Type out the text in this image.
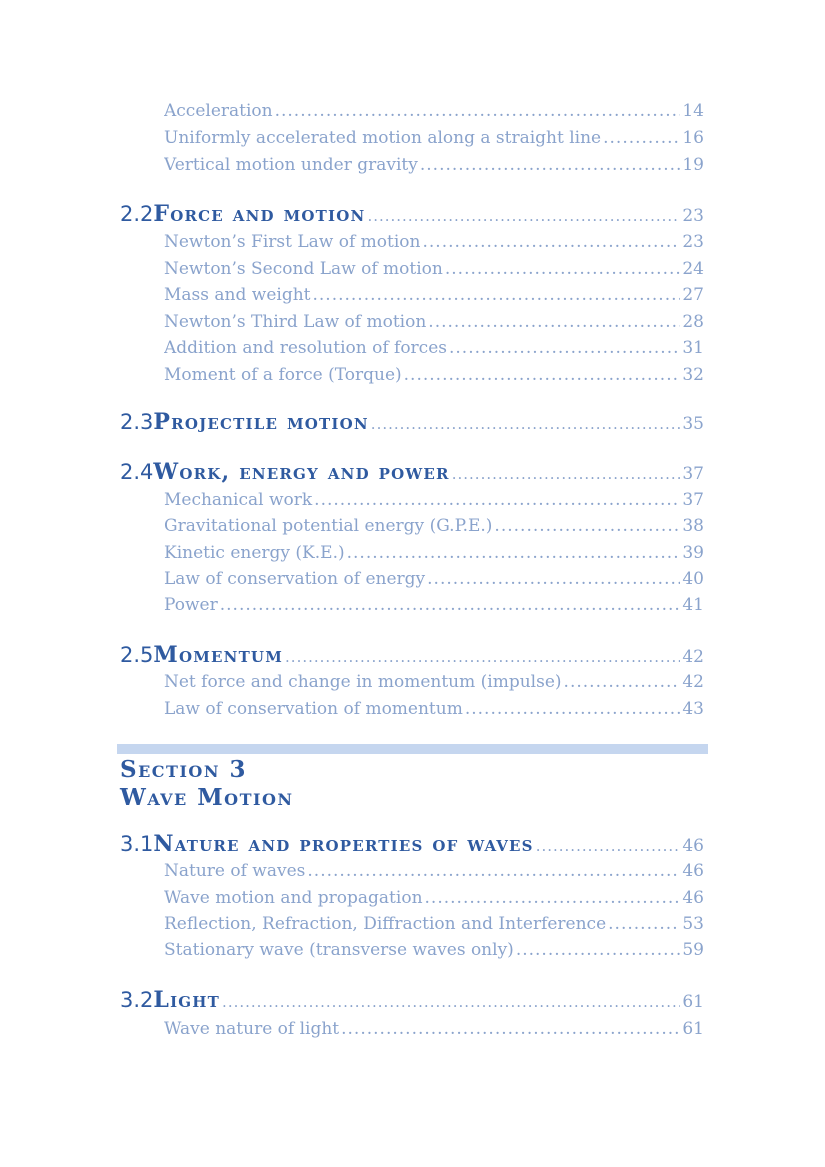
Acceleration .....	14
Uniformly accelerated motion along a straight line .....	16
Vertical motion under gravity .....	19
2.2 Force and motion .....	23
Newton’s First Law of motion .....	23
Newton’s Second Law of motion .....	24
Mass and weight .....	27
Newton’s Third Law of motion .....	28
Addition and resolution of forces .....	31
Moment of a force (Torque) .....	32
2.3 Projectile motion .....	35
2.4 Work, energy and power .....	37
Mechanical work .....	37
Gravitational potential energy (G.P.E.) .....	38
Kinetic energy (K.E.) .....	39
Law of conservation of energy .....	40
Power .....	41
2.5 Momentum .....	42
Net force and change in momentum (impulse) .....	42
Law of conservation of momentum .....	43
Section 3
Wave Motion
3.1 Nature and properties of waves .....	46
Nature of waves .....	46
Wave motion and propagation .....	46
Reflection, Refraction, Diffraction and Interference .....	53
Stationary wave (transverse waves only) .....	59
3.2 Light .....	61
Wave nature of light .....	61
